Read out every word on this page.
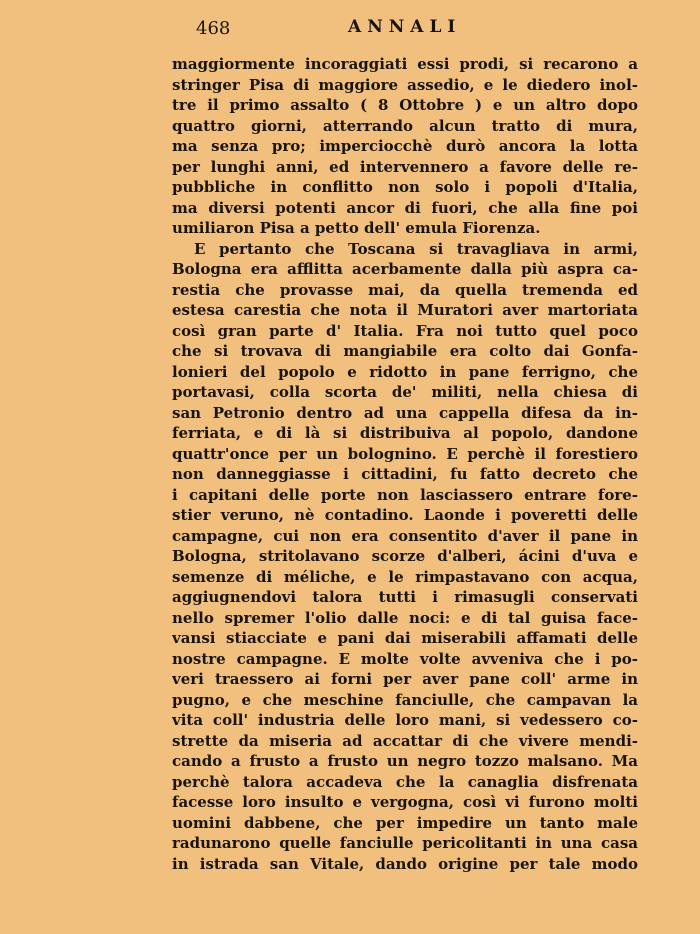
468	ANNALI
maggiormente incoraggiati essi prodi, si recarono a
stringer Pisa di maggiore assedio, e le diedero inol-
tre il primo assalto ( 8 Ottobre ) e un altro dopo
quattro giorni, atterrando alcun tratto di mura,
ma senza pro; imperciocchè durò ancora la lotta
per lunghi anni, ed intervennero a favore delle re-
pubbliche in conflitto non solo i popoli d'Italia,
ma diversi potenti ancor di fuori, che alla fine poi
umiliaron Pisa a petto dell' emula Fiorenza.
E pertanto che Toscana si travagliava in armi,
Bologna era afflitta acerbamente dalla più aspra ca-
restia che provasse mai, da quella tremenda ed
estesa carestia che nota il Muratori aver martoriata
così gran parte d' Italia. Fra noi tutto quel poco
che si trovava di mangiabile era colto dai Gonfa-
lonieri del popolo e ridotto in pane ferrigno, che
portavasi, colla scorta de' militi, nella chiesa di
san Petronio dentro ad una cappella difesa da in-
ferriata, e di là si distribuiva al popolo, dandone
quattr'once per un bolognino. E perchè il forestiero
non danneggiasse i cittadini, fu fatto decreto che
i capitani delle porte non lasciassero entrare fore-
stier veruno, nè contadino. Laonde i poveretti delle
campagne, cui non era consentito d'aver il pane in
Bologna, stritolavano scorze d'alberi, ácini d'uva e
semenze di méliche, e le rimpastavano con acqua,
aggiugnendovi talora tutti i rimasugli conservati
nello spremer l'olio dalle noci: e di tal guisa face-
vansi stiacciate e pani dai miserabili affamati delle
nostre campagne. E molte volte avveniva che i po-
veri traessero ai forni per aver pane coll' arme in
pugno, e che meschine fanciulle, che campavan la
vita coll' industria delle loro mani, si vedessero co-
strette da miseria ad accattar di che vivere mendi-
cando a frusto a frusto un negro tozzo malsano. Ma
perchè talora accadeva che la canaglia disfrenata
facesse loro insulto e vergogna, così vi furono molti
uomini dabbene, che per impedire un tanto male
radunarono quelle fanciulle pericolitanti in una casa
in istrada san Vitale, dando origine per tale modo
